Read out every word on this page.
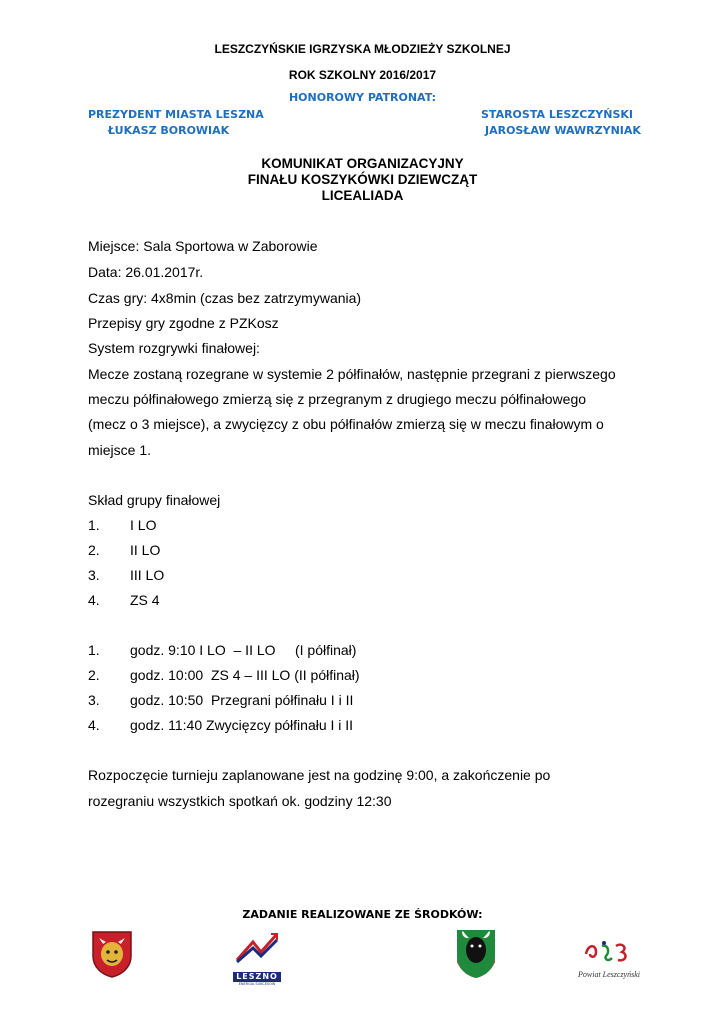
LESZCZYŃSKIE IGRZYSKA MŁODZIEŻY SZKOLNEJ
ROK SZKOLNY 2016/2017
HONOROWY PATRONAT:
PREZYDENT MIASTA LESZNA
ŁUKASZ BOROWIAK
STAROSTA LESZCZYŃSKI
JAROSŁAW WAWRZYNIAK
KOMUNIKAT ORGANIZACYJNY
FINAŁU KOSZYKÓWKI DZIEWCZĄT
LICEALIADA
Miejsce: Sala Sportowa w Zaborowie
Data: 26.01.2017r.
Czas gry: 4x8min (czas bez zatrzymywania)
Przepisy gry zgodne z PZKosz
System rozgrywki finałowej:
Mecze zostaną rozegrane w systemie 2 półfinałów, następnie przegrani z pierwszego
meczu półfinałowego zmierzą się z przegranym z drugiego meczu półfinałowego
(mecz o 3 miejsce), a zwycięzcy z obu półfinałów zmierzą się w meczu finałowym o
miejsce 1.
Skład grupy finałowej
1. I LO
2. II LO
3. III LO
4. ZS 4
1. godz. 9:10 I LO  – II LO     (I półfinał)
2. godz. 10:00  ZS 4 – III LO (II półfinał)
3. godz. 10:50  Przegrani półfinału I i II
4. godz. 11:40 Zwycięzcy półfinału I i II
Rozpoczęcie turnieju zaplanowane jest na godzinę 9:00, a zakończenie po
rozegraniu wszystkich spotkań ok. godziny 12:30
ZADANIE REALIZOWANE ZE ŚRODKÓW:
LESZNO
ENERGIA SUKCESÓW
Powiat Leszczyński
